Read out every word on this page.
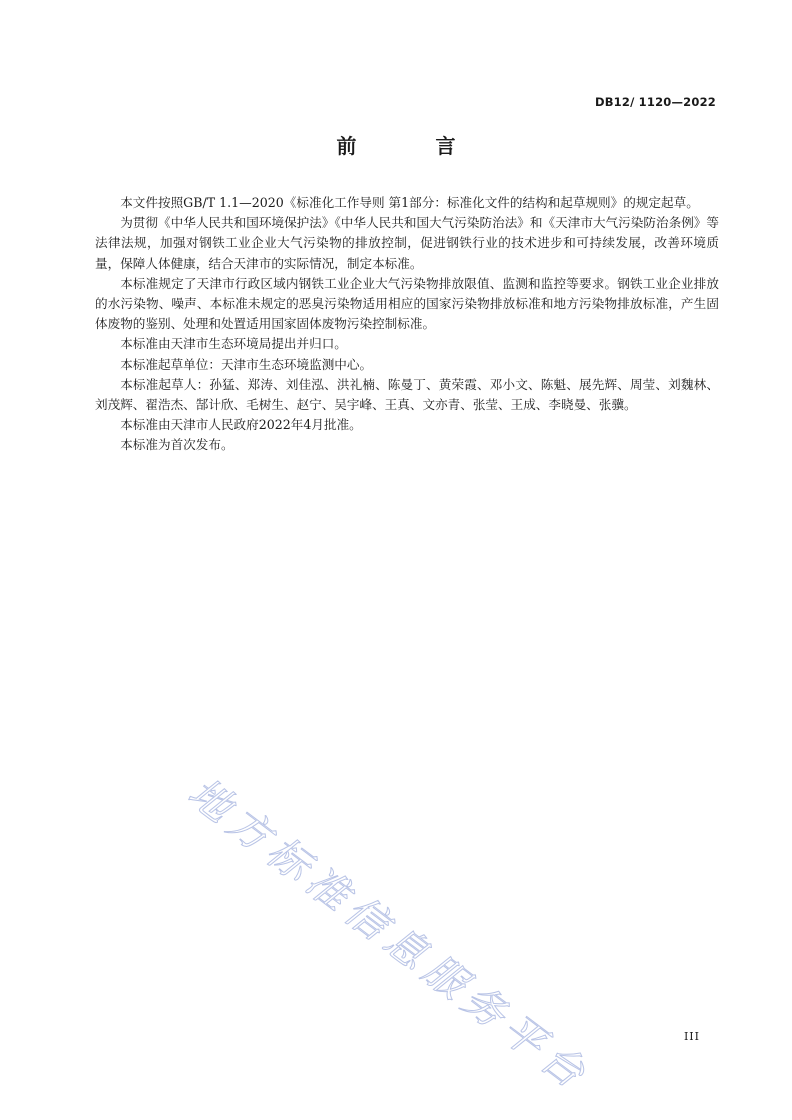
DB12/ 1120—2022
前 言

本文件按照GB/T 1.1—2020《标准化工作导则 第1部分：标准化文件的结构和起草规则》的规定起草。

为贯彻《中华人民共和国环境保护法》《中华人民共和国大气污染防治法》和《天津市大气污染防治条例》等法律法规，加强对钢铁工业企业大气污染物的排放控制，促进钢铁行业的技术进步和可持续发展，改善环境质量，保障人体健康，结合天津市的实际情况，制定本标准。

本标准规定了天津市行政区域内钢铁工业企业大气污染物排放限值、监测和监控等要求。钢铁工业企业排放的水污染物、噪声、本标准未规定的恶臭污染物适用相应的国家污染物排放标准和地方污染物排放标准，产生固体废物的鉴别、处理和处置适用国家固体废物污染控制标准。

本标准由天津市生态环境局提出并归口。

本标准起草单位：天津市生态环境监测中心。

本标准起草人：孙猛、郑涛、刘佳泓、洪礼楠、陈曼丁、黄荣霞、邓小文、陈魁、展先辉、周莹、刘魏林、刘茂辉、翟浩杰、郜计欣、毛树生、赵宁、吴宇峰、王真、文亦青、张莹、王成、李晓曼、张骥。

本标准由天津市人民政府2022年4月批准。

本标准为首次发布。

地方标准信息服务平台	III
